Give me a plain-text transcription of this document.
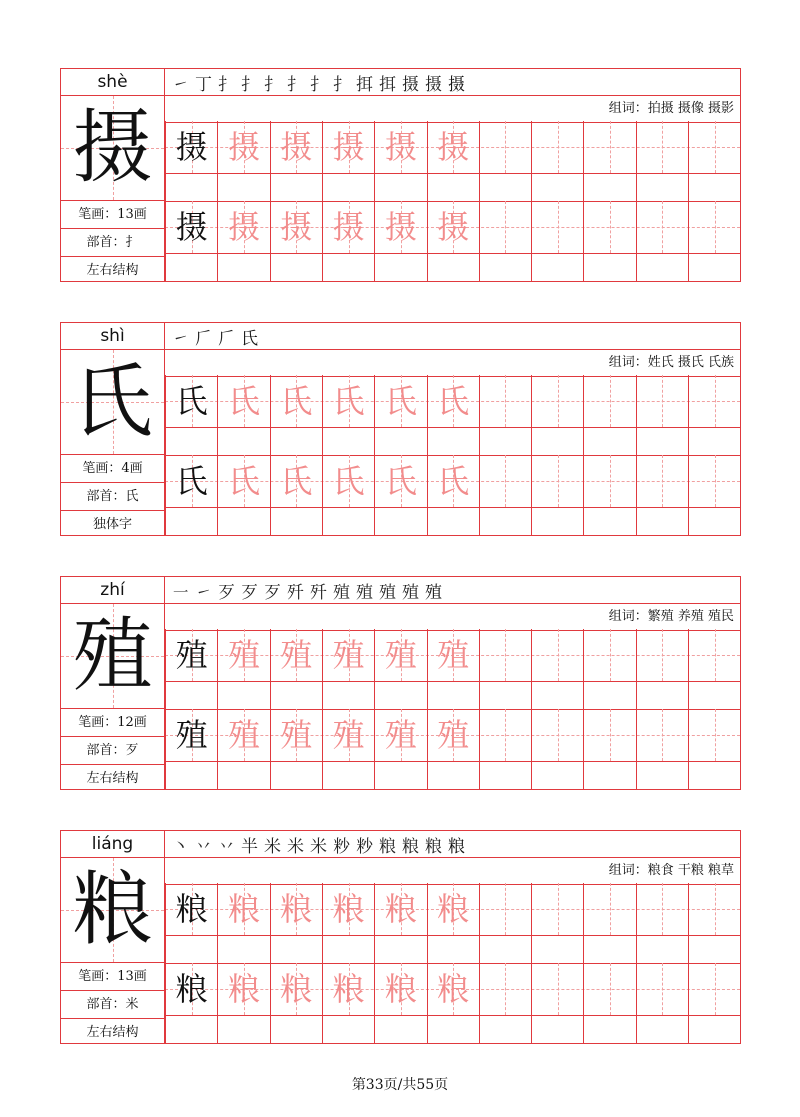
shè
摄
笔画：13画
部首：扌
左右结构
㇀ 丁 扌 扌 扌 扌 扌 扌 挕 挕 摄 摄 摄
组词：拍摄 摄像 摄影
摄 摄 摄 摄 摄 摄
摄 摄 摄 摄 摄 摄
shì
氏
笔画：4画
部首：氏
独体字
㇀ 𠂆 𠂆 氏
组词：姓氏 摄氏 氏族
氏 氏 氏 氏 氏 氏
氏 氏 氏 氏 氏 氏
zhí
殖
笔画：12画
部首：歹
左右结构
㇐ ㇀ 歹 歹 歹 歼 歼 殖 殖 殖 殖 殖
组词：繁殖 养殖 殖民
殖 殖 殖 殖 殖 殖
殖 殖 殖 殖 殖 殖
liáng
粮
笔画：13画
部首：米
左右结构
丶 丷 丷 半 米 米 米 粆 粆 粮 粮 粮 粮
组词：粮食 干粮 粮草
粮 粮 粮 粮 粮 粮
粮 粮 粮 粮 粮 粮
第33页/共55页
